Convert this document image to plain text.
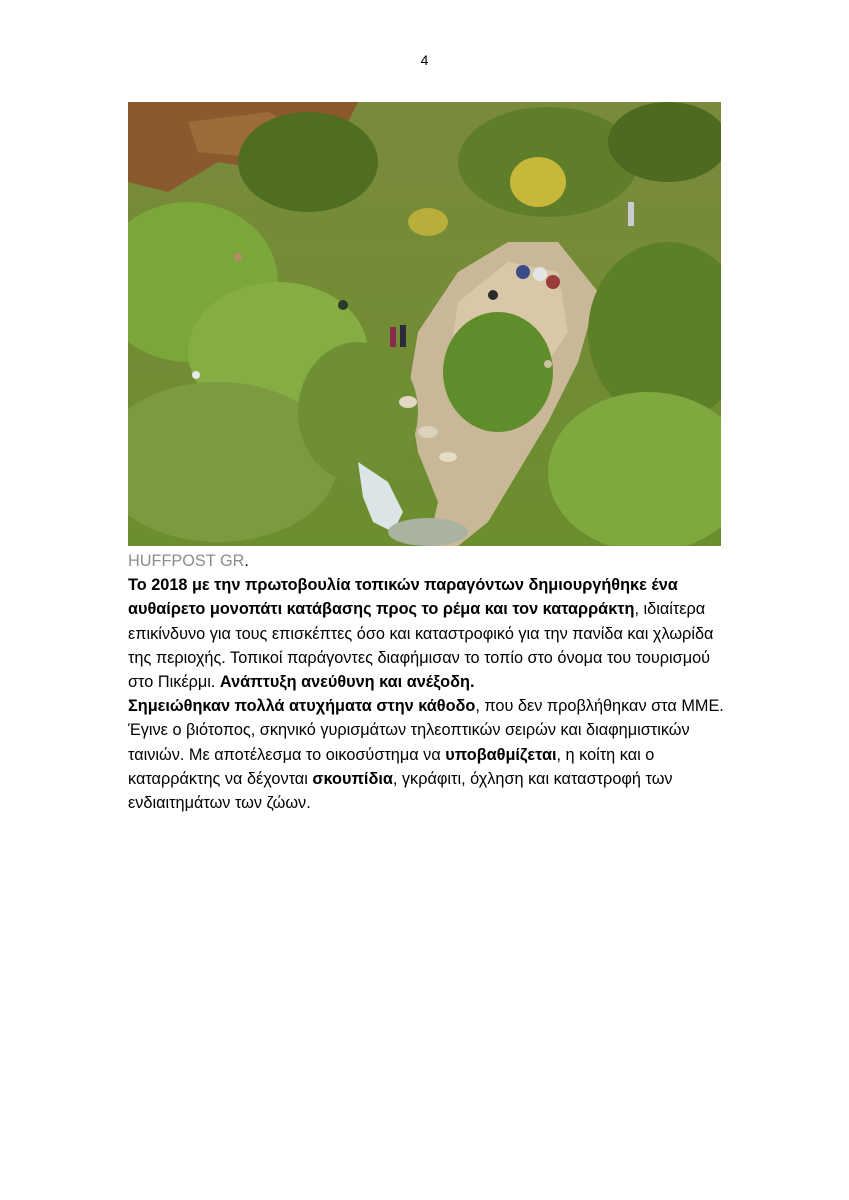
4

HUFFPOST GR.

Το 2018 με την πρωτοβουλία τοπικών παραγόντων δημιουργήθηκε ένα αυθαίρετο μονοπάτι κατάβασης προς το ρέμα και τον καταρράκτη, ιδιαίτερα επικίνδυνο για τους επισκέπτες όσο και καταστροφικό για την πανίδα και χλωρίδα της περιοχής. Τοπικοί παράγοντες διαφήμισαν το τοπίο στο όνομα του τουρισμού στο Πικέρμι. Ανάπτυξη ανεύθυνη και ανέξοδη.

Σημειώθηκαν πολλά ατυχήματα στην κάθοδο, που δεν προβλήθηκαν στα ΜΜΕ. Έγινε ο βιότοπος, σκηνικό γυρισμάτων τηλεοπτικών σειρών και διαφημιστικών ταινιών. Με αποτέλεσμα το οικοσύστημα να υποβαθμίζεται, η κοίτη και ο καταρράκτης να δέχονται σκουπίδια, γκράφιτι, όχληση και καταστροφή των ενδιαιτημάτων των ζώων.
